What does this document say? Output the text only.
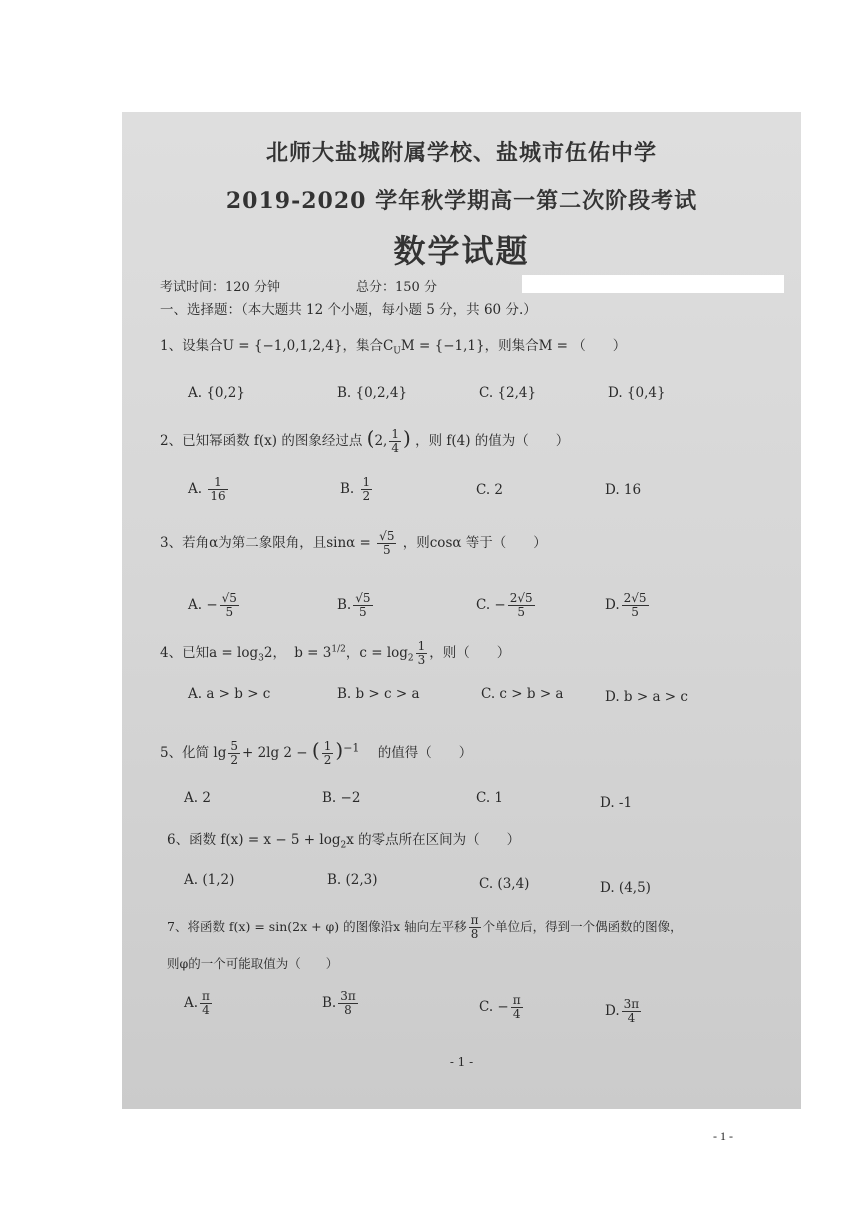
北师大盐城附属学校、盐城市伍佑中学
2019-2020 学年秋学期高一第二次阶段考试
数学试题
考试时间：120 分钟	总分：150 分
一、选择题：（本大题共 12 个小题，每小题 5 分，共 60 分.）
1、设集合U = {−1,0,1,2,4}，集合$C_UM = \{-1,1\}$，则集合M = （　　）
A. {0,2}	B. {0,2,4}	C. {2,4}	D. {0,4}
2、已知幂函数 f(x) 的图象经过点 (2, $\frac{1}{4}$ ) ，则 f(4) 的值为（　　）
A. $\frac{1}{16}$	B. $\frac{1}{2}$	C. 2	D. 16
3、若角α为第二象限角，且$\sin\alpha = \frac{√5}{5}$ ，则cosα 等于（　　）
A. − $\frac{√5}{5}$	B. $\frac{√5}{5}$	C. − $\frac{2√5}{5}$	D. $\frac{2√5}{5}$
4、已知$a = \log_32$， $b = 3^{1/2}$，$c = \log_2 \frac{1}{3}$ ，则（　　）
A. a > b > c	B. b > c > a	C. c > b > a	D. b > a > c
5、化简 $\lg \frac{5}{2} + 2\lg$ 2 − ( $\frac{1}{2} )^{-1}$ 的值得（　　）
A. 2	B. −2	C. 1	D. -1
6、函数 $f(x) = x - 5 + \log_2x$ 的零点所在区间为（　　）
A. (1,2)	B. (2,3)	C. (3,4)	D. (4,5)
7、将函数 f(x) = sin(2x + φ) 的图像沿x 轴向左平移 $\frac{\pi}{8}$ 个单位后，得到一个偶函数的图像，
则φ的一个可能取值为（　　）
A. $\frac{\pi}{4}$	B. $\frac{3\pi}{8}$	C. − $\frac{\pi}{4}$	D. $\frac{3\pi}{4}$
- 1 -
- 1 -
